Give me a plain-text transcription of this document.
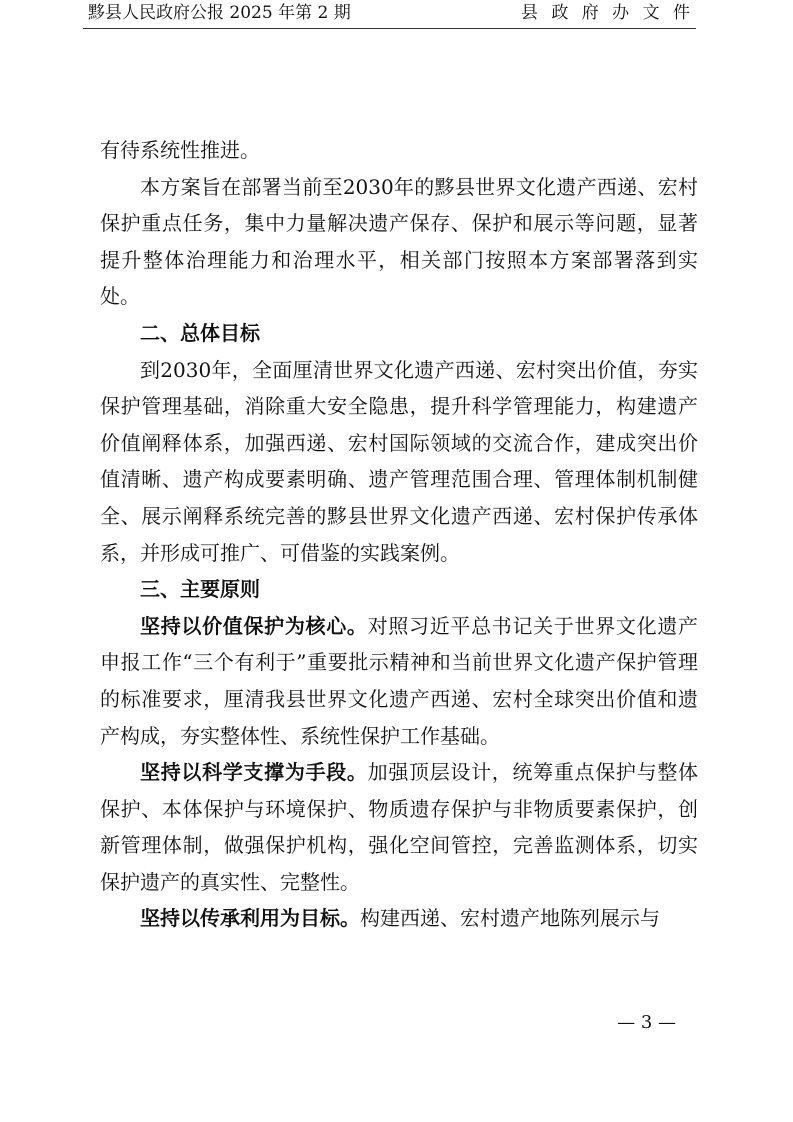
黟县人民政府公报 2025 年第 2 期	县 政 府 办 文 件

有待系统性推进。

本方案旨在部署当前至2030年的黟县世界文化遗产西递、宏村保护重点任务，集中力量解决遗产保存、保护和展示等问题，显著提升整体治理能力和治理水平，相关部门按照本方案部署落到实处。

二、总体目标

到2030年，全面厘清世界文化遗产西递、宏村突出价值，夯实保护管理基础，消除重大安全隐患，提升科学管理能力，构建遗产价值阐释体系，加强西递、宏村国际领域的交流合作，建成突出价值清晰、遗产构成要素明确、遗产管理范围合理、管理体制机制健全、展示阐释系统完善的黟县世界文化遗产西递、宏村保护传承体系，并形成可推广、可借鉴的实践案例。

三、主要原则

坚持以价值保护为核心。对照习近平总书记关于世界文化遗产申报工作“三个有利于”重要批示精神和当前世界文化遗产保护管理的标准要求，厘清我县世界文化遗产西递、宏村全球突出价值和遗产构成，夯实整体性、系统性保护工作基础。

坚持以科学支撑为手段。加强顶层设计，统筹重点保护与整体保护、本体保护与环境保护、物质遗存保护与非物质要素保护，创新管理体制，做强保护机构，强化空间管控，完善监测体系，切实保护遗产的真实性、完整性。

坚持以传承利用为目标。构建西递、宏村遗产地陈列展示与

— 3 —
